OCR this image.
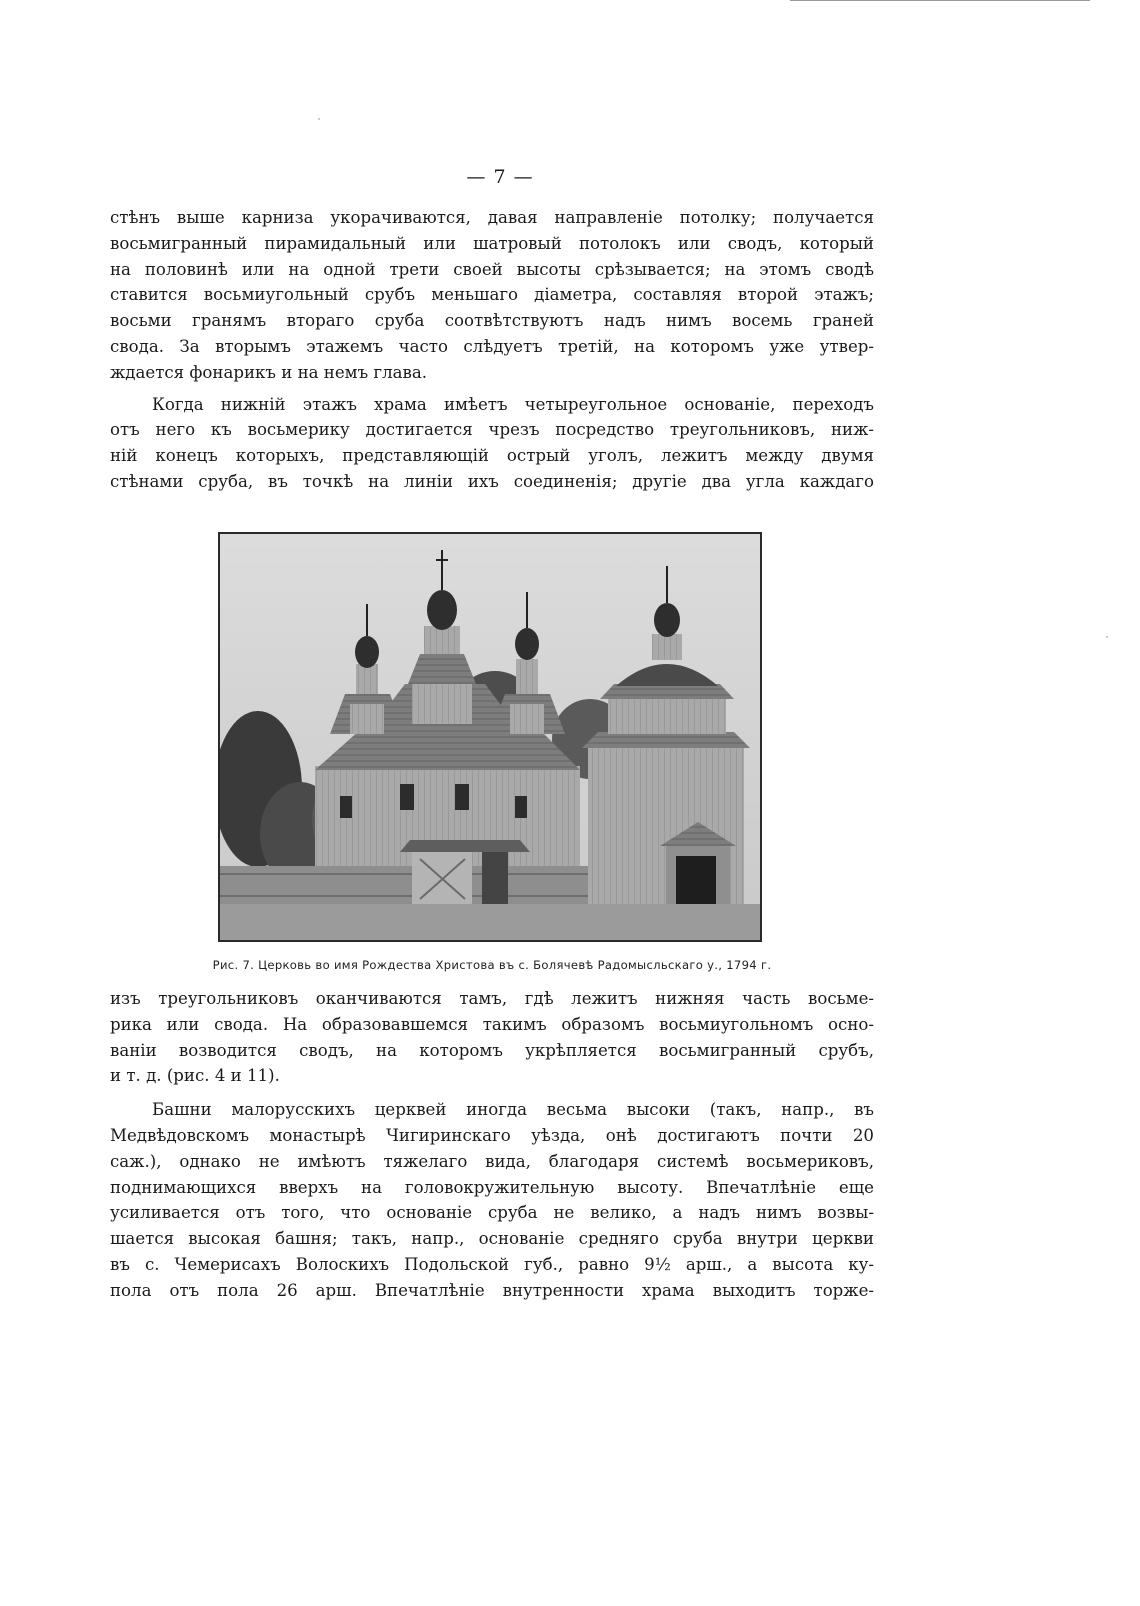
— 7 —

стѣнъ выше карниза укорачиваются, давая направленіе потолку; получается
восьмигранный пирамидальный или шатровый потолокъ или сводъ, который
на половинѣ или на одной трети своей высоты срѣзывается; на этомъ сводѣ
ставится восьмиугольный срубъ меньшаго діаметра, составляя второй этажъ;
восьми гранямъ втораго сруба соотвѣтствуютъ надъ нимъ восемь граней
свода. За вторымъ этажемъ часто слѣдуетъ третій, на которомъ уже утвер-
ждается фонарикъ и на немъ глава.

Когда нижній этажъ храма имѣетъ четыреугольное основаніе, переходъ
отъ него къ восьмерику достигается чрезъ посредство треугольниковъ, ниж-
ній конецъ которыхъ, представляющій острый уголъ, лежитъ между двумя
стѣнами сруба, въ точкѣ на линіи ихъ соединенія; другіе два угла каждаго

Рис. 7. Церковь во имя Рождества Христова въ с. Болячевѣ Радомысльскаго у., 1794 г.

изъ треугольниковъ оканчиваются тамъ, гдѣ лежитъ нижняя часть восьме-
рика или свода. На образовавшемся такимъ образомъ восьмиугольномъ осно-
ваніи возводится сводъ, на которомъ укрѣпляется восьмигранный срубъ,
и т. д. (рис. 4 и 11).

Башни малорусскихъ церквей иногда весьма высоки (такъ, напр., въ
Медвѣдовскомъ монастырѣ Чигиринскаго уѣзда, онѣ достигаютъ почти 20
саж.), однако не имѣютъ тяжелаго вида, благодаря системѣ восьмериковъ,
поднимающихся вверхъ на головокружительную высоту. Впечатлѣніе еще
усиливается отъ того, что основаніе сруба не велико, а надъ нимъ возвы-
шается высокая башня; такъ, напр., основаніе средняго сруба внутри церкви
въ с. Чемерисахъ Волоскихъ Подольской губ., равно 9½ арш., а высота ку-
пола отъ пола 26 арш. Впечатлѣніе внутренности храма выходитъ торже-
